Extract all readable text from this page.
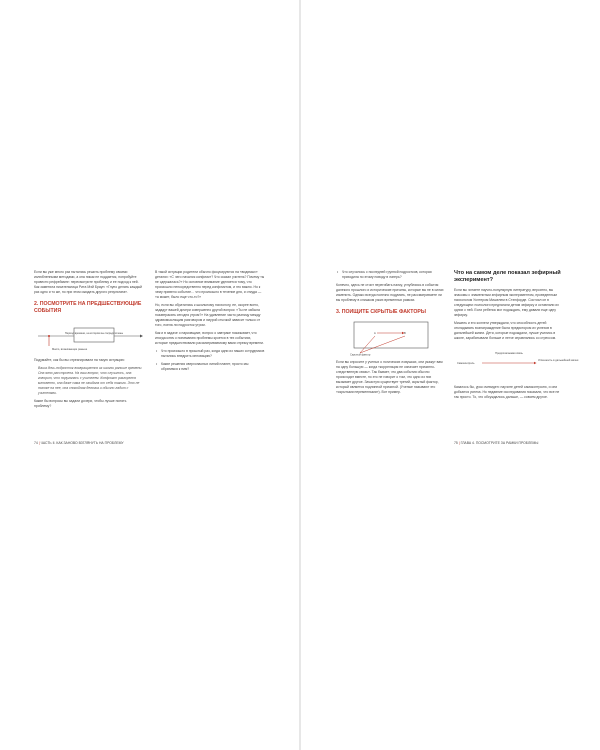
Если вы уже много раз пытались решить проблему своими излюбленными методами, а она никак не поддается, попробуйте провести рефрейминг: пересмотрите проблему и ее подход к ней. Как заметила писательница Рита Мэй Браун: «Глупо делать каждый раз одно и то же, но при этом ожидать другого результата».

2. ПОСМОТРИТЕ НА ПРЕДШЕСТВУЮЩИЕ СОБЫТИЯ
Период времени, на котором вы сосредоточены
Много, возникающие раньше

Подумайте, как бы вы отреагировали на такую ситуацию:

Ваша дочь-подросток возвращается из школы раньше времени. Она явно расстроена. На ваш вопрос, что случилось, она говорит, что поругалась с учителем. Конфликт разгорелся мгновенно, она даже сама не ожидала от себя такого. Это не похоже на нее, она спокойная девочка и обычно ладит с учителями.

Какие бы вопросы вы задали дочери, чтобы лучше понять проблему?

В такой ситуации родители обычно фокусируются на «видимых» деталях: «С чего начался конфликт? Что сказал учитель? Почему ты не сдержалась?» Но основное внимание уделяется тому, что произошло непосредственно перед конфликтом, и это важно. Но к чему привело событие… что произошло в течение дня, и откуда — «а может, было еще что-то?»

Но, если вы обратились к школьному психологу, ее, скорее всего, зададут вашей дочери совершенно другой вопрос: «Ты не забыла позавтракать сегодня утром?» На удивление часто разницу между здравомыслящим разговором и хмурой стычкой зависит только от того, поела ли подросток утром.

Как и в задаче о парковщике, вопрос о завтраке показывает, что иногда ключ к пониманию проблемы кроется в тех событиях, которые предшествовали рассматриваемому вами отрезку времени.

• Что произошло в прошлый раз, когда одни из наших сотрудников пытались внедрить инновацию?

• Какие решения сверхопасных линий планет, просто мы обратимся к ним?

74 | ЧАСТЬ II. КАК ЗАНОВО ВЗГЛЯНУТЬ НА ПРОБЛЕМУ

• Что случилось с последней группой подростков, которая приходила по этому поводу в лагерь?

Конечно, здесь не стоит перегибать палку, углубляясь в события далекого прошлого и исторические причины, которые вы не в силах изменить. Однако всегда полезно подумать, не рассматриваете ли вы проблему в слишком узких временных рамках.

3. ПОИЩИТЕ СКРЫТЫЕ ФАКТОРЫ
A	B
Скрытый фактор

Если вы спросите у ученых о логических ловушках, они укажут вам на одну большую — когда «корреляция не означает причинно-следственную связь». Так бывает, что два события обычно происходят вместе, но это не говорит о том, что одно из них вызывает другое. Зачастую существует третий, скрытый фактор, который является подлинной причиной. (Ученые называют это «скрытыми переменными»). Вот пример.

Что на самом деле показал зефирный эксперимент?

Если вы читаете научно-популярную литературу, вероятно, вы знакомы с знаменитым зефирным экспериментом, проведенным психологом Уолтером Мишелем в Стэнфорде. Состоял он в следующем: психологи предлагали детям зефирку и оставляли их одних с ней. Если ребенок мог подождать, ему давали еще одну зефирку.

Мишель и его коллеги утверждали, что способность детей откладывать вознаграждение была предиктором их успехов в дальнейшей жизни. Дети, которые подождали, лучше учились в школе, зарабатывали больше и легче справлялись со стрессом.

Предполагаемая связь
Самоконтроль
Успешность в дальнейшей жизни

Казалось бы, урок очевиден: научите детей самоконтролю, и они добьются успеха. Но недавние исследования показали, что все не так просто. То, что обсуждалось дальше, — совсем другое.

75 | ГЛАВА 4. ПОСМОТРИТЕ ЗА РАМКИ ПРОБЛЕМЫ
